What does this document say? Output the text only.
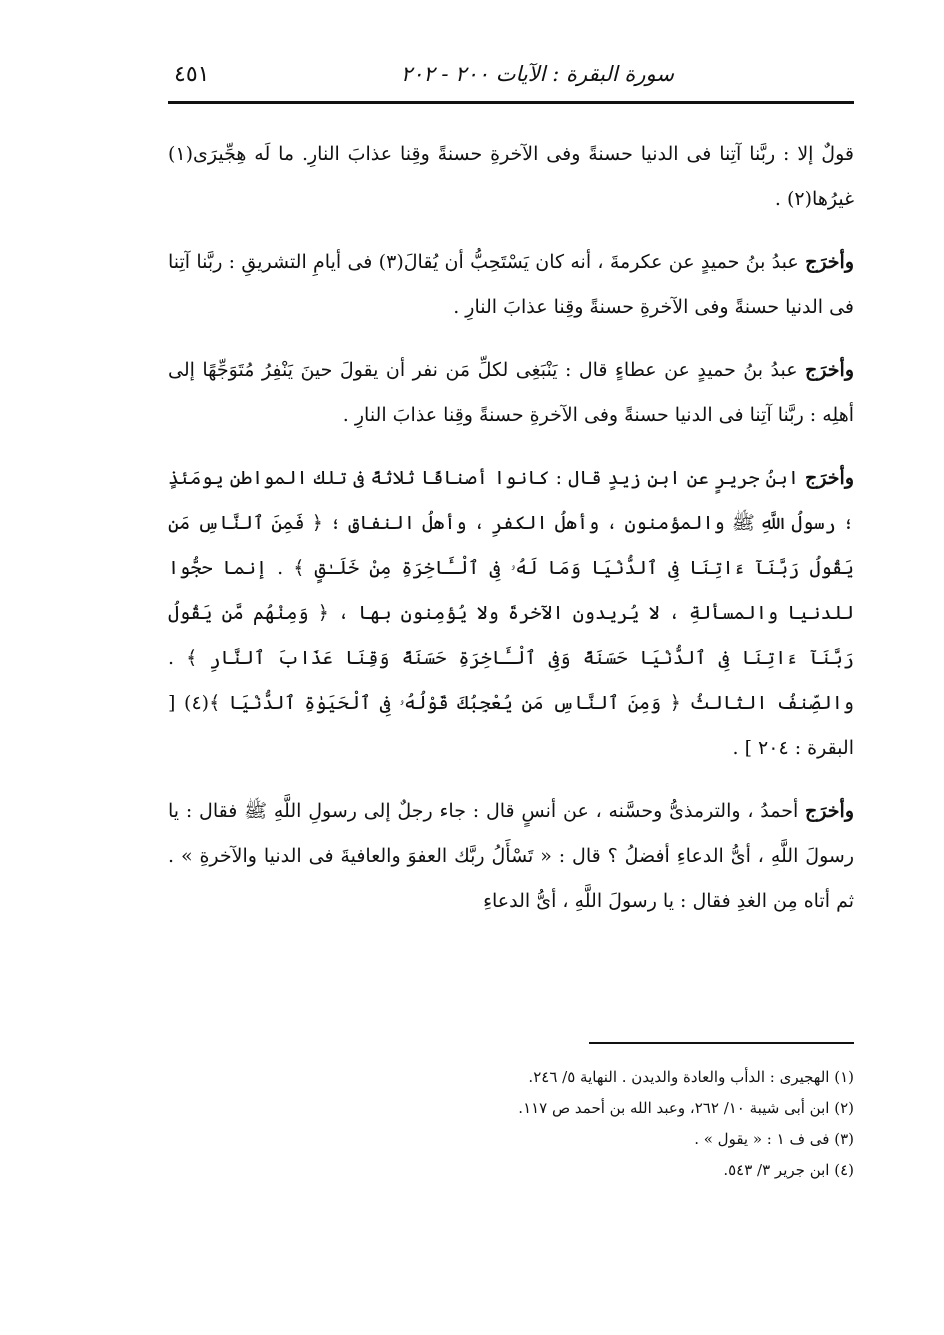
سورة البقرة : الآيات ٢٠٠ - ٢٠٢
٤٥١

قولٌ إلا : ربَّنا آتِنا فى الدنيا حسنةً وفى الآخرةِ حسنةً وقِنا عذابَ النارِ. ما لَه هِجِّيرَى(١) غيرُها(٢) .

وأخرَج عبدُ بنُ حميدٍ عن عكرمةَ ، أنه كان يَسْتَحِبُّ أن يُقالَ(٣) فى أيامِ التشريقِ : ربَّنا آتِنا فى الدنيا حسنةً وفى الآخرةِ حسنةً وقِنا عذابَ النارِ .

وأخرَج عبدُ بنُ حميدٍ عن عطاءٍ قال : يَنْبَغِى لكلِّ مَن نفر أن يقولَ حينَ يَنْفِرُ مُتَوَجِّهًا إلى أهلِه : ربَّنا آتِنا فى الدنيا حسنةً وفى الآخرةِ حسنةً وقِنا عذابَ النارِ .

وأخرَج ابنُ جريرٍ عن ابنِ زيدٍ قال : كانوا أصنافًا ثلاثةً فى تلك المواطنِ يومَئذٍ ؛ رسولُ اللَّهِ ﷺ والمؤمنون ، وأهلُ الكفرِ ، وأهلُ النفاقِ ؛ ﴿ فَمِنَ ٱلنَّاسِ مَن يَقُولُ رَبَّنَآ ءَاتِنَا فِى ٱلدُّنْيَا وَمَا لَهُۥ فِى ٱلْـَٔاخِرَةِ مِنْ خَلَـٰقٍ ﴾ . إنما حجُّوا للدنيا والمسألةِ ، لا يُريدون الآخرةَ ولا يُؤمِنون بها ، ﴿ وَمِنْهُم مَّن يَقُولُ رَبَّنَآ ءَاتِنَا فِى ٱلدُّنْيَا حَسَنَةً وَفِى ٱلْـَٔاخِرَةِ حَسَنَةً وَقِنَا عَذَابَ ٱلنَّارِ ﴾ . والصِّنفُ الثالثُ ﴿ وَمِنَ ٱلنَّاسِ مَن يُعْجِبُكَ قَوْلُهُۥ فِى ٱلْحَيَوٰةِ ٱلدُّنْيَا ﴾(٤) [ البقرة : ٢٠٤ ] .

وأخرَج أحمدُ ، والترمذىُّ وحسَّنه ، عن أنسٍ قال : جاء رجلٌ إلى رسولِ اللَّهِ ﷺ فقال : يا رسولَ اللَّهِ ، أىُّ الدعاءِ أفضلُ ؟ قال : « تَسْأَلُ ربَّك العفوَ والعافيةَ فى الدنيا والآخرةِ » . ثم أتاه مِن الغدِ فقال : يا رسولَ اللَّهِ ، أىُّ الدعاءِ

(١) الهجيرى : الدأب والعادة والديدن . النهاية ٥/ ٢٤٦.

(٢) ابن أبى شيبة ١٠/ ٢٦٢، وعبد الله بن أحمد ص ١١٧.

(٣) فى ف ١ : « يقول » .

(٤) ابن جرير ٣/ ٥٤٣.
